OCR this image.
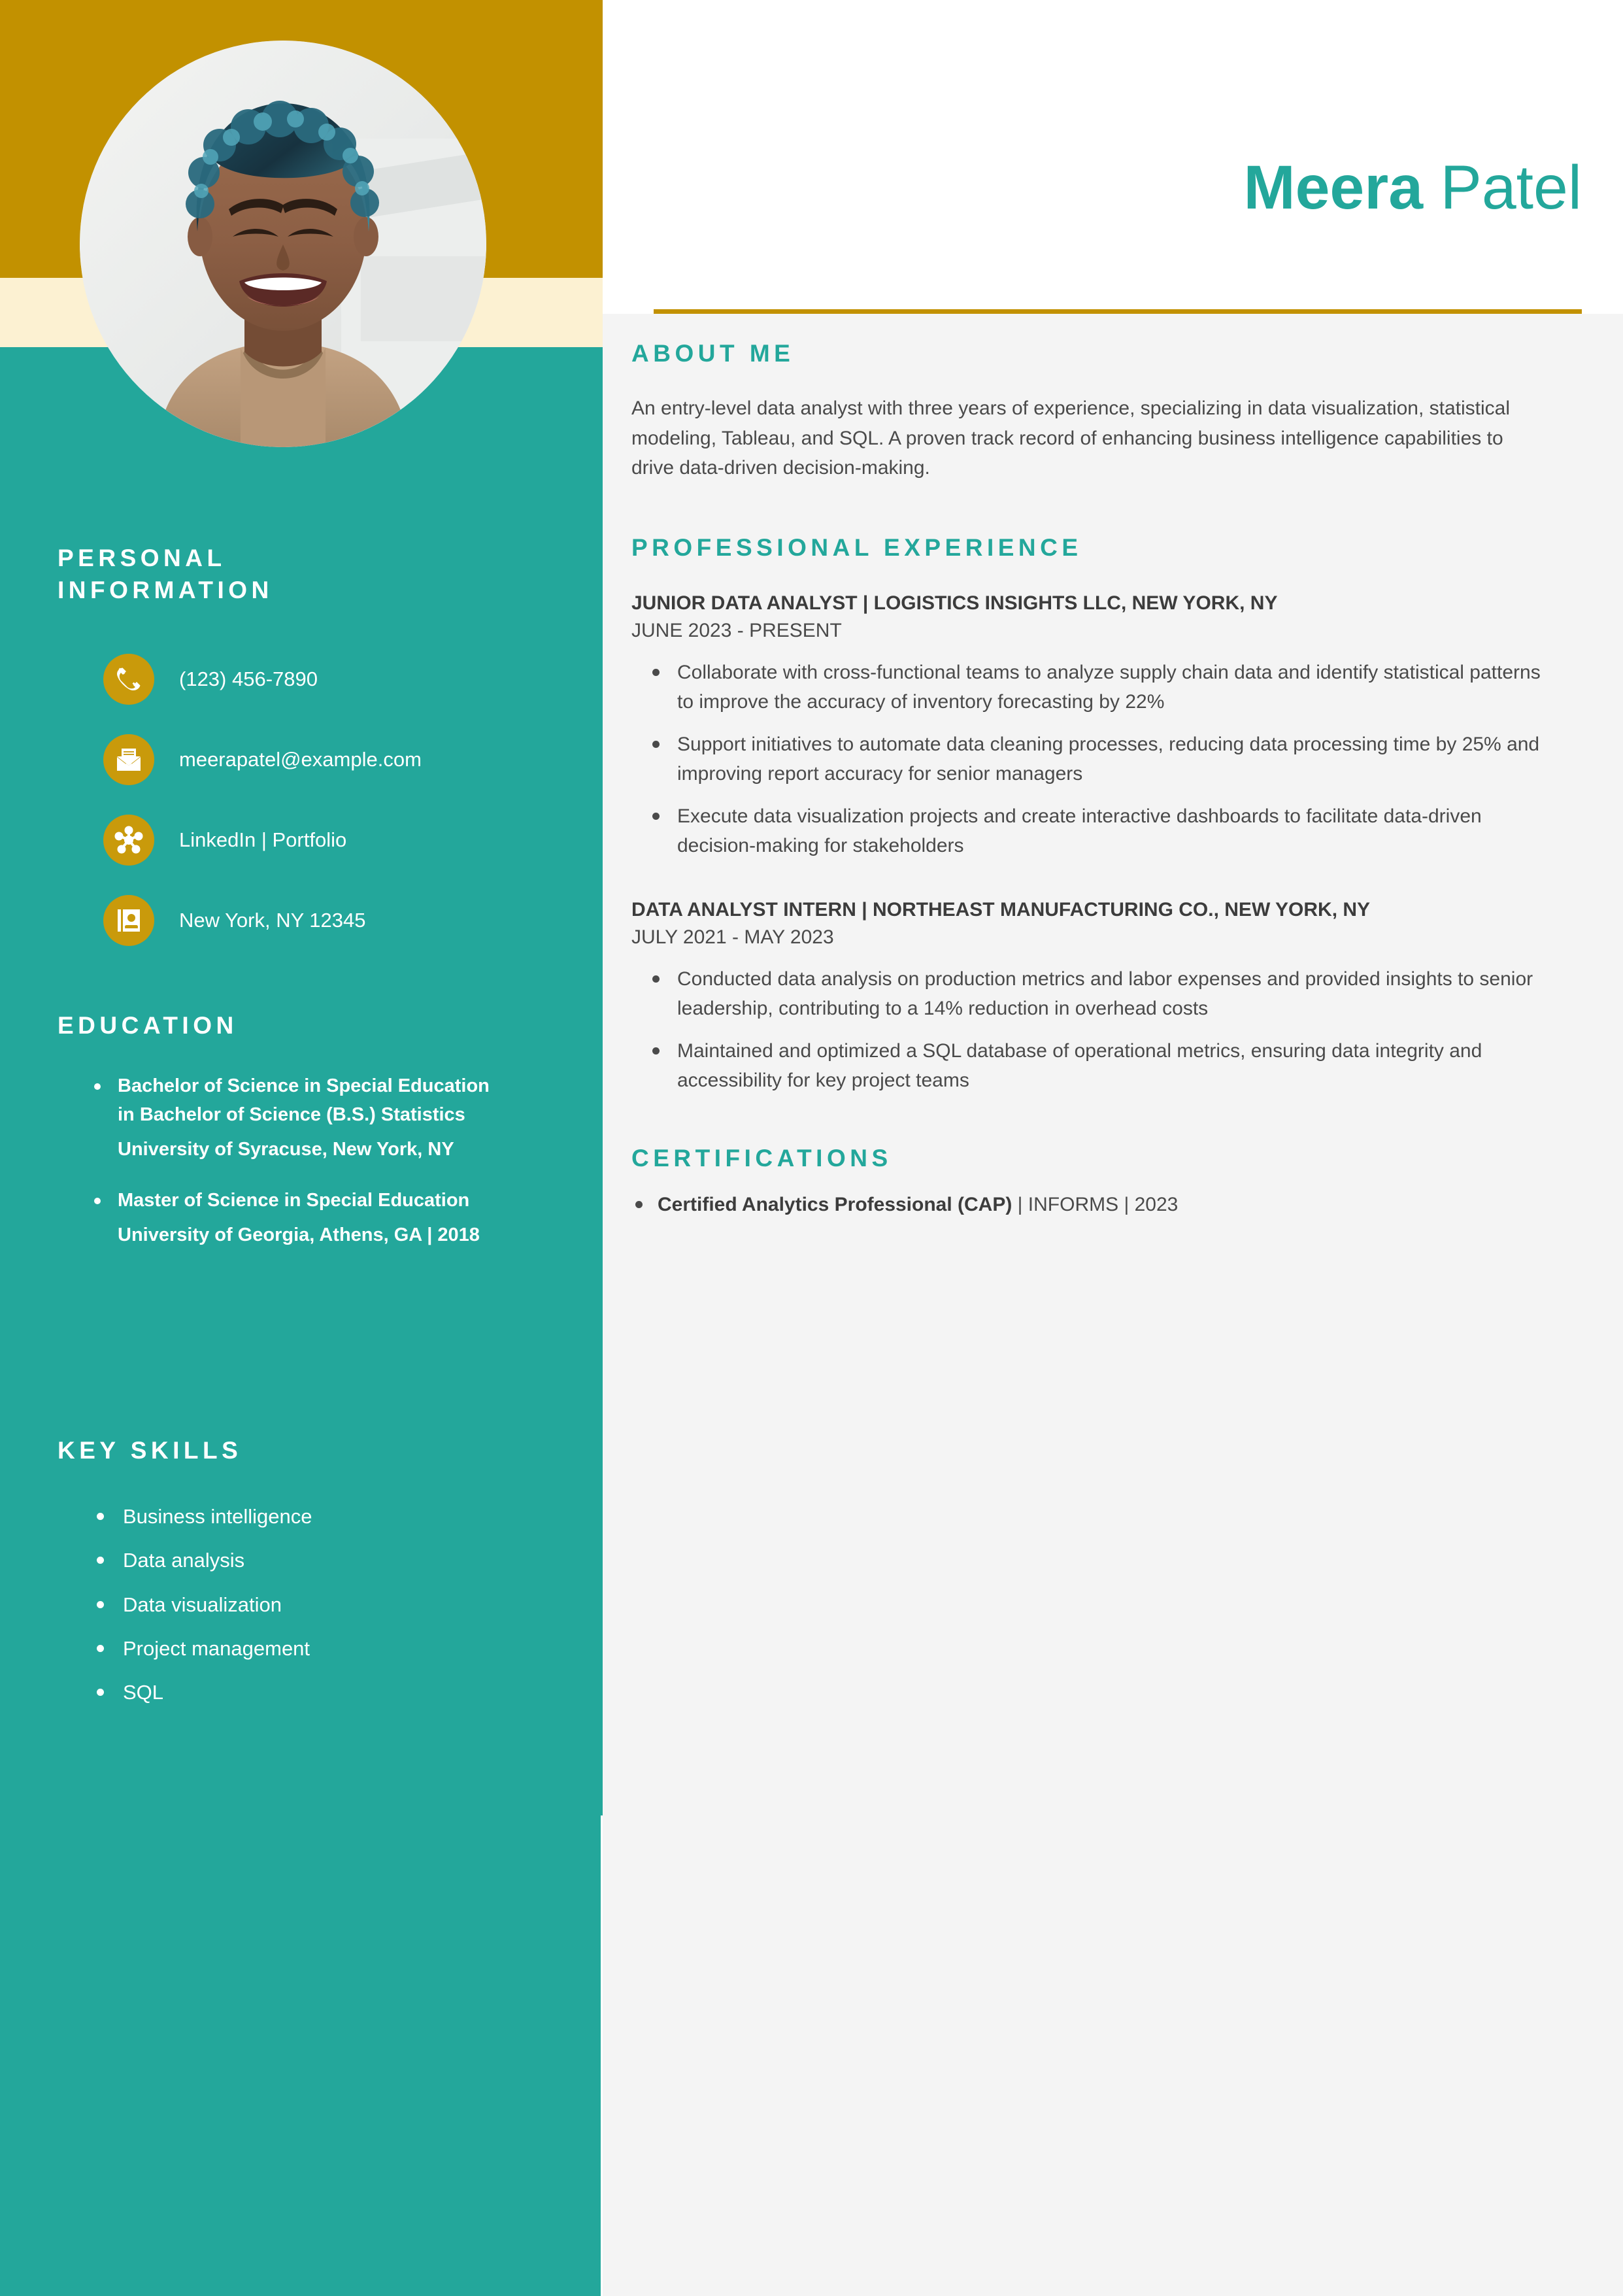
PERSONAL INFORMATION
(123) 456-7890
meerapatel@example.com
LinkedIn | Portfolio
New York, NY 12345
EDUCATION
Bachelor of Science in Special Education in Bachelor of Science (B.S.) Statistics
University of Syracuse, New York, NY
Master of Science in Special Education
University of Georgia, Athens, GA | 2018
KEY SKILLS
Business intelligence
Data analysis
Data visualization
Project management
SQL
Meera Patel
ABOUT ME
An entry-level data analyst with three years of experience, specializing in data visualization, statistical modeling, Tableau, and SQL. A proven track record of enhancing business intelligence capabilities to drive data-driven decision-making.
PROFESSIONAL EXPERIENCE
JUNIOR DATA ANALYST | LOGISTICS INSIGHTS LLC, NEW YORK, NY
JUNE 2023 - PRESENT
Collaborate with cross-functional teams to analyze supply chain data and identify statistical patterns to improve the accuracy of inventory forecasting by 22%
Support initiatives to automate data cleaning processes, reducing data processing time by 25% and improving report accuracy for senior managers
Execute data visualization projects and create interactive dashboards to facilitate data-driven decision-making for stakeholders
DATA ANALYST INTERN | NORTHEAST MANUFACTURING CO., NEW YORK, NY
JULY 2021 - MAY 2023
Conducted data analysis on production metrics and labor expenses and provided insights to senior leadership, contributing to a 14% reduction in overhead costs
Maintained and optimized a SQL database of operational metrics, ensuring data integrity and accessibility for key project teams
CERTIFICATIONS
Certified Analytics Professional (CAP) | INFORMS | 2023
